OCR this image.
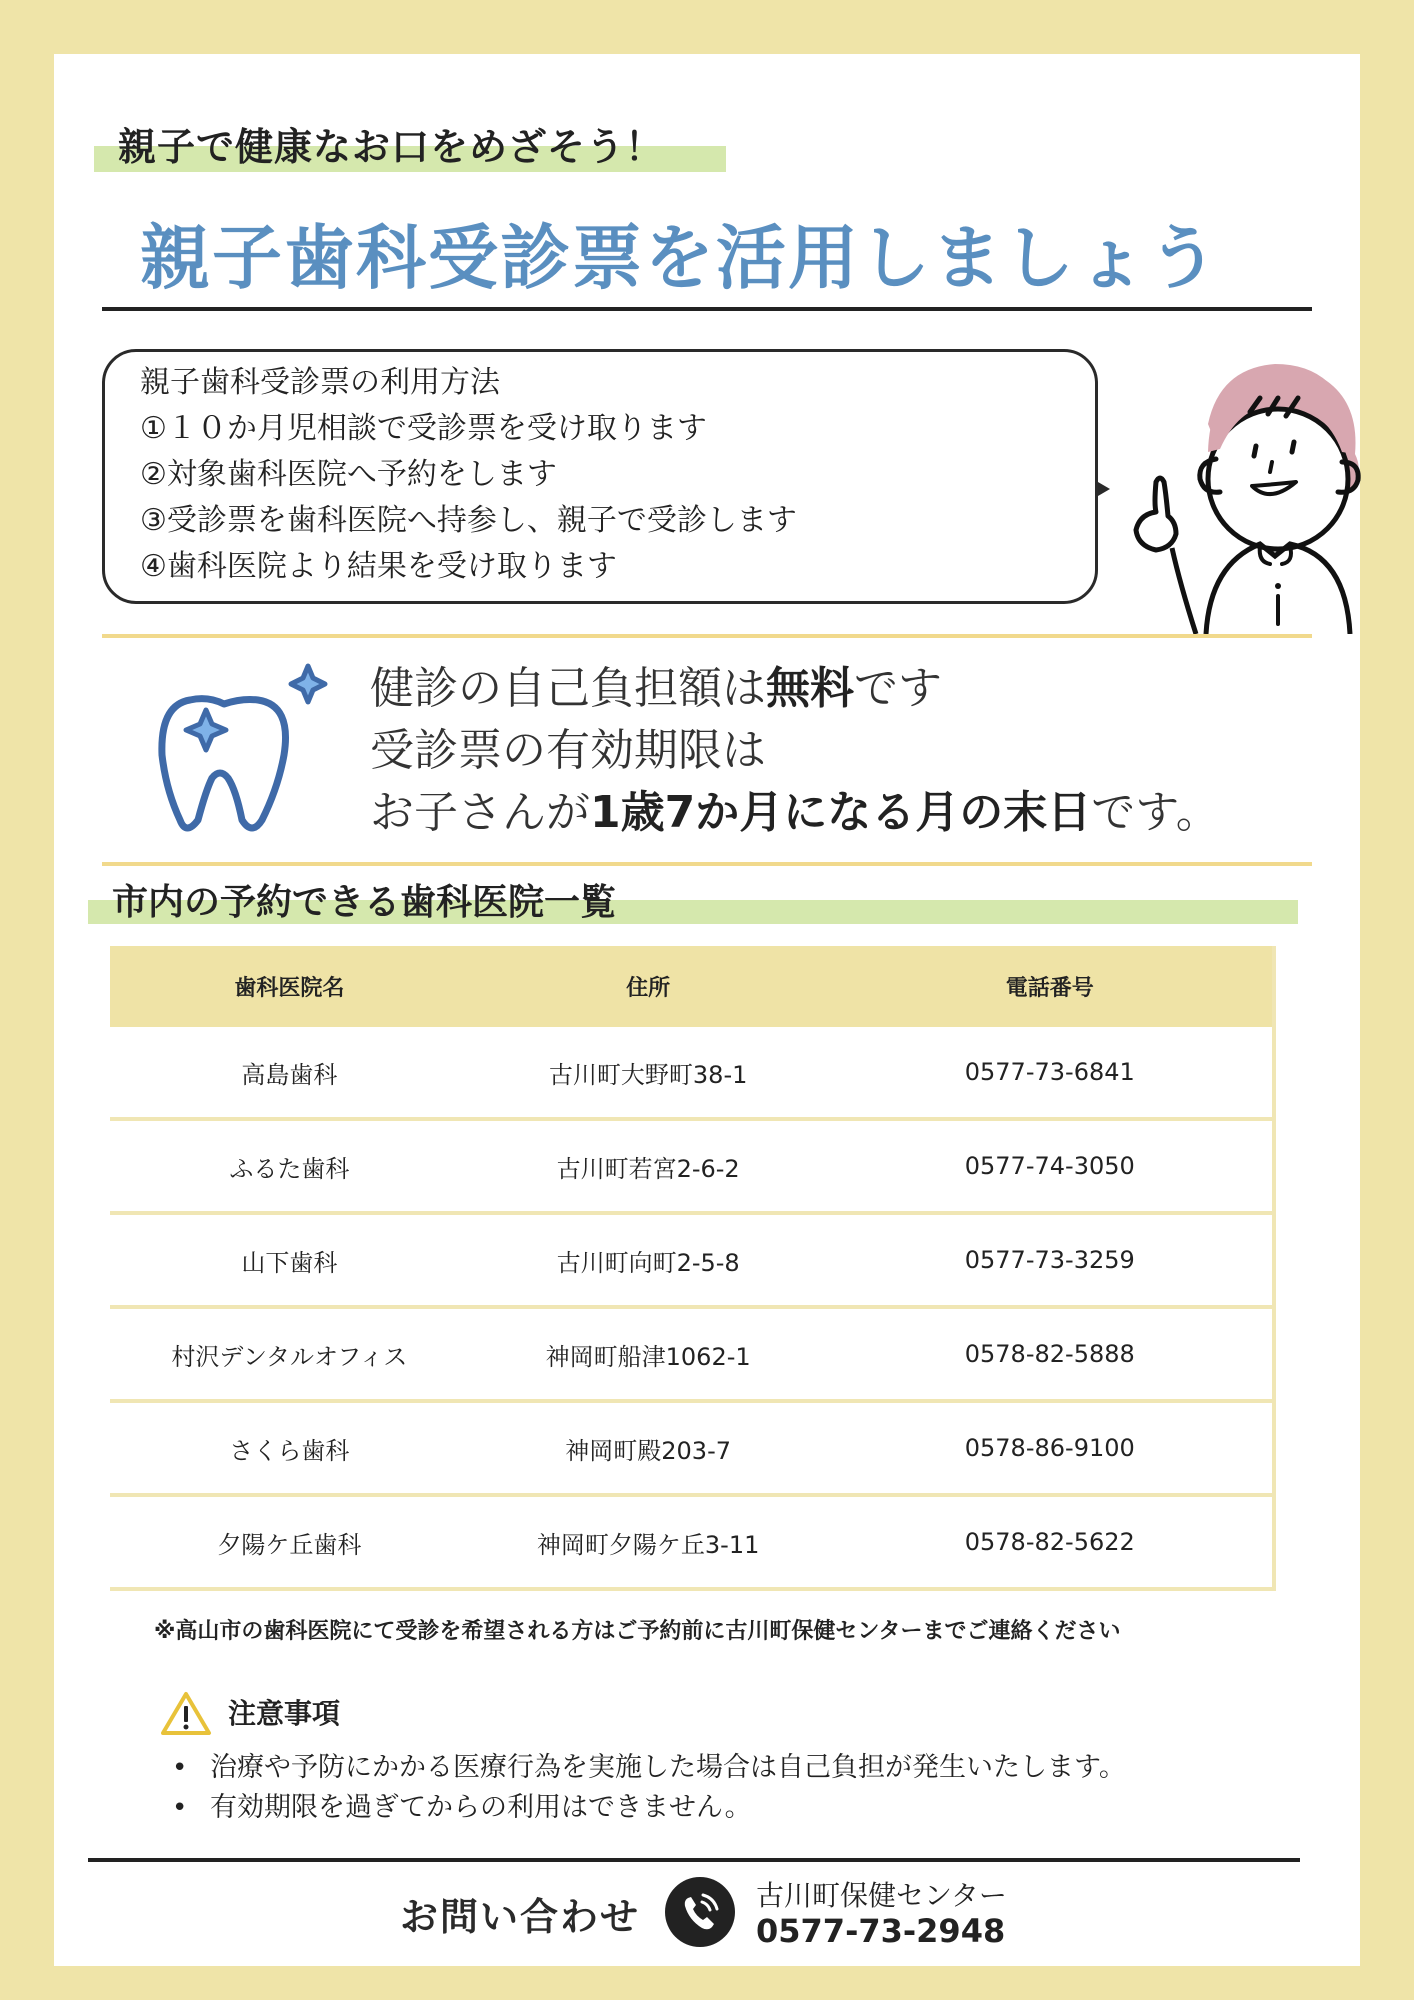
親子で健康なお口をめざそう！
親子歯科受診票を活用しましょう
親子歯科受診票の利用方法
①１０か月児相談で受診票を受け取ります
②対象歯科医院へ予約をします
③受診票を歯科医院へ持参し、親子で受診します
④歯科医院より結果を受け取ります
健診の自己負担額は無料です
受診票の有効期限は
お子さんが1歳7か月になる月の末日です。
市内の予約できる歯科医院一覧
歯科医院名	住所	電話番号
高島歯科	古川町大野町38-1	0577-73-6841
ふるた歯科	古川町若宮2-6-2	0577-74-3050
山下歯科	古川町向町2-5-8	0577-73-3259
村沢デンタルオフィス	神岡町船津1062-1	0578-82-5888
さくら歯科	神岡町殿203-7	0578-86-9100
夕陽ケ丘歯科	神岡町夕陽ケ丘3-11	0578-82-5622
※高山市の歯科医院にて受診を希望される方はご予約前に古川町保健センターまでご連絡ください
注意事項
• 治療や予防にかかる医療行為を実施した場合は自己負担が発生いたします。
• 有効期限を過ぎてからの利用はできません。
お問い合わせ	古川町保健センター
0577-73-2948
